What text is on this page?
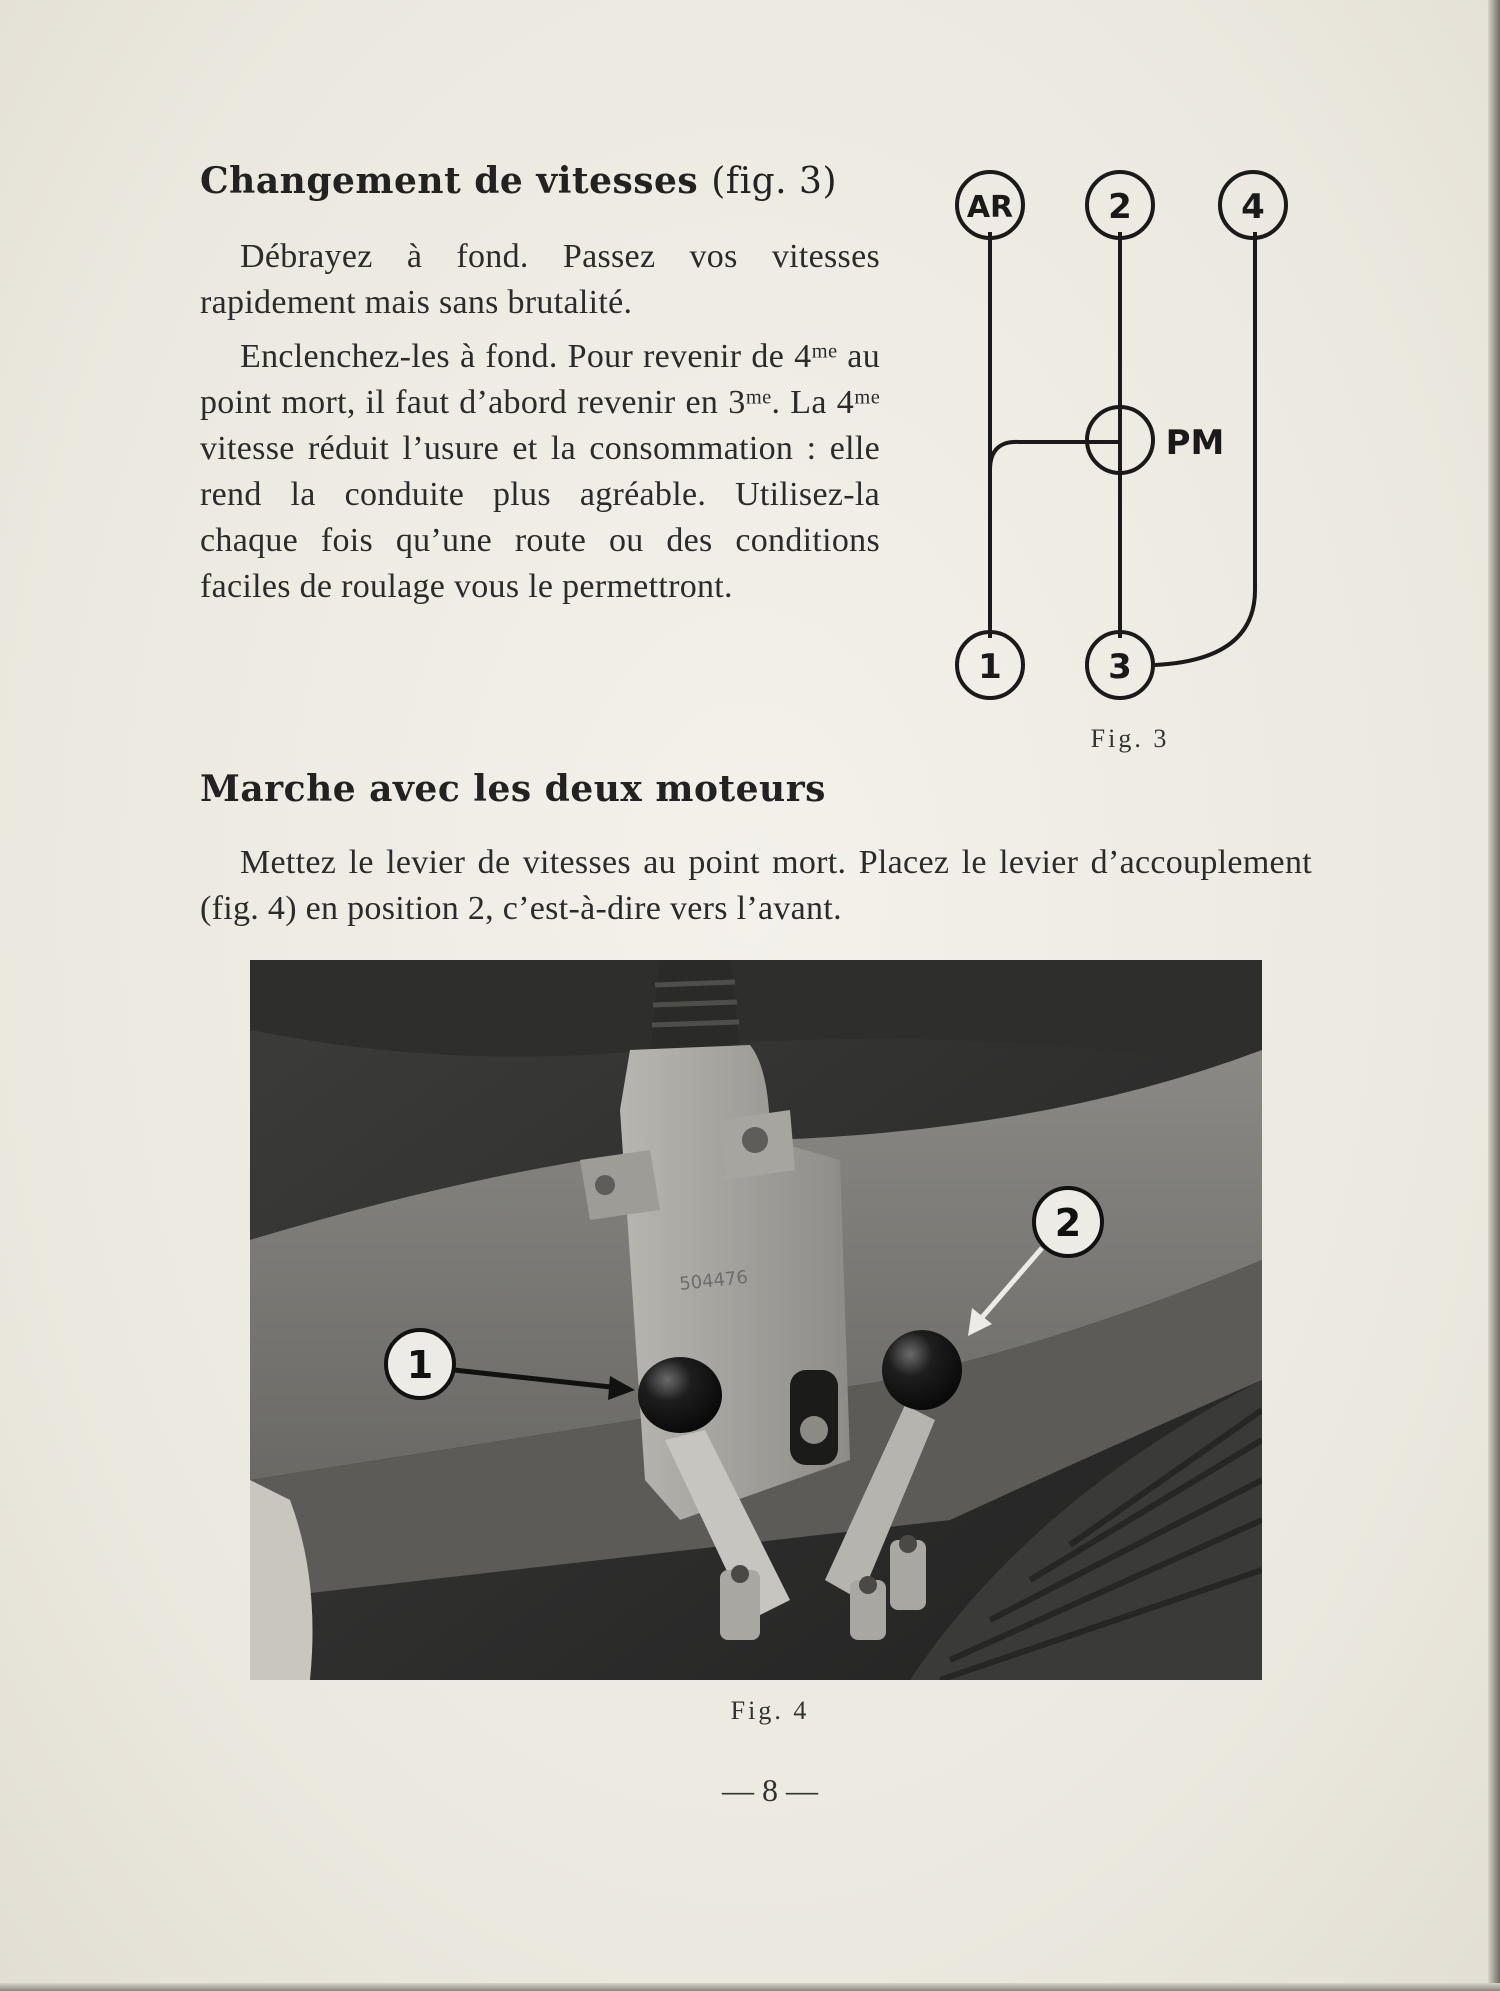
Changement de vitesses (fig. 3)

Débrayez à fond. Passez vos vitesses rapidement mais sans brutalité.

Enclenchez-les à fond. Pour revenir de 4ᵐᵉ au point mort, il faut d’abord revenir en 3ᵐᵉ. La 4ᵐᵉ vitesse réduit l’usure et la consommation : elle rend la conduite plus agréable. Utilisez-la chaque fois qu’une route ou des conditions faciles de roulage vous le permettront.

AR	2	4
1	3
PM

Fig. 3

Marche avec les deux moteurs

Mettez le levier de vitesses au point mort. Placez le levier d’accouplement (fig. 4) en position 2, c’est-à-dire vers l’avant.

504476
1
2

Fig. 4

— 8 —
